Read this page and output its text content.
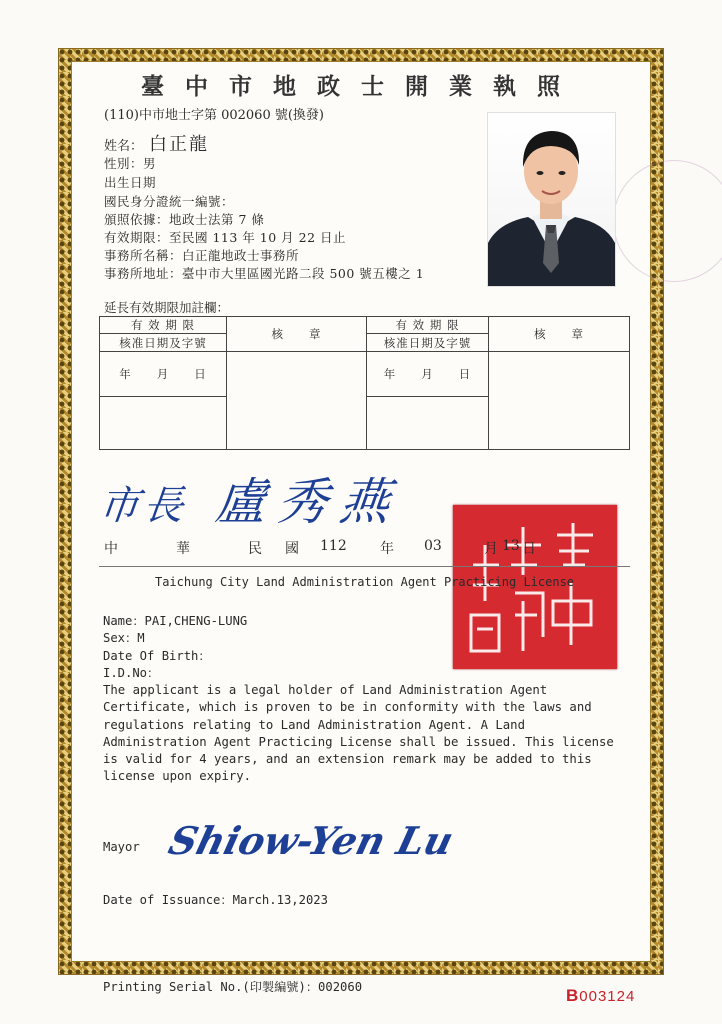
臺中市地政士開業執照
(110)中市地士字第 002060 號(換發)
姓名： 白正龍
性別：男
出生日期
國民身分證統一編號：
頒照依據：地政士法第 7 條
有效期限：至民國 113 年 10 月 22 日止
事務所名稱：白正龍地政士事務所
事務所地址：臺中市大里區國光路二段 500 號五樓之 1
延長有效期限加註欄：
有 效 期 限	核　　章	有 效 期 限	核　　章
核准日期及字號		核准日期及字號	
年　　月　　日		年　　月　　日	

市長 盧秀燕
中	華	民 國 112 年 03	月 13 日
Taichung City Land Administration Agent Practicing License
Name：PAI,CHENG-LUNG
Sex：M
Date Of Birth：
I.D.No：
The applicant is a legal holder of Land Administration Agent Certificate, which is proven to be in conformity with the laws and regulations relating to Land Administration Agent. A Land Administration Agent Practicing License shall be issued. This license is valid for 4 years, and an extension remark may be added to this license upon expiry.
Mayor Shiow-Yen Lu
Date of Issuance：March.13,2023
Printing Serial No.(印製編號)：002060	B003124
